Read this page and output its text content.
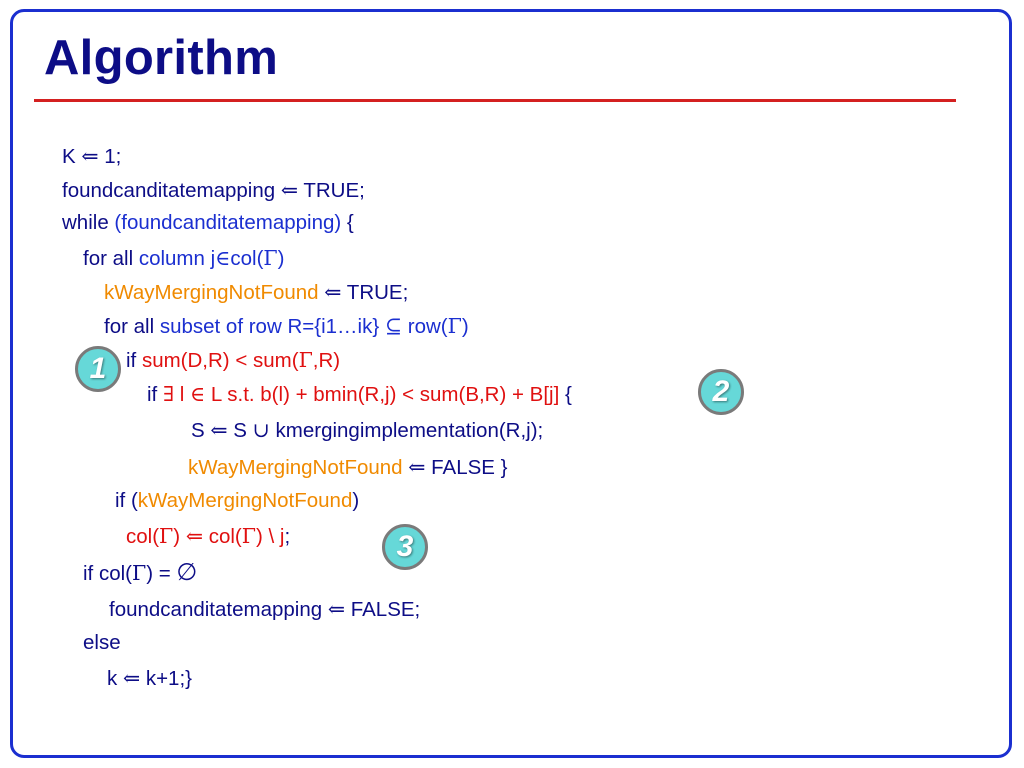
Algorithm
K ⇐ 1;
foundcanditatemapping ⇐ TRUE;
while (foundcanditatemapping) {
for all column j∈col(Γ)
kWayMergingNotFound ⇐ TRUE;
for all subset of row R={i1…ik} ⊆ row(Γ)
if sum(D,R) < sum(Γ,R)
if ∃ l ∈ L s.t. b(l) + bmin(R,j) < sum(B,R) + B[j] {
S ⇐ S ∪ kmergingimplementation(R,j);
kWayMergingNotFound ⇐ FALSE }
if (kWayMergingNotFound)
col(Γ) ⇐ col(Γ) \ j;
if col(Γ) = ∅
foundcanditatemapping ⇐ FALSE;
else
k ⇐ k+1;}
1
2
3
